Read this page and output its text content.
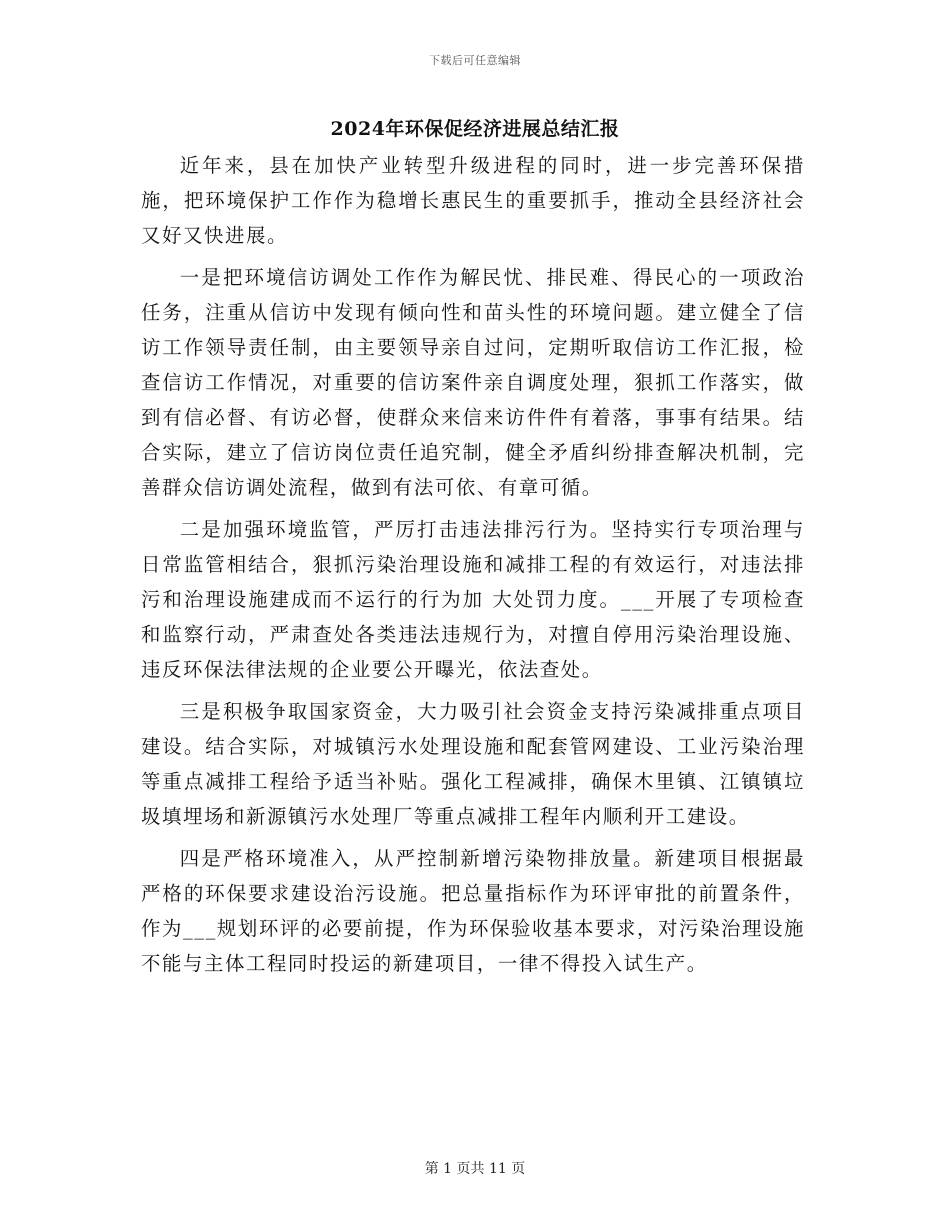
下载后可任意编辑
2024年环保促经济进展总结汇报

近年来，县在加快产业转型升级进程的同时，进一步完善环保措施，把环境保护工作作为稳增长惠民生的重要抓手，推动全县经济社会又好又快进展。

一是把环境信访调处工作作为解民忧、排民难、得民心的一项政治任务，注重从信访中发现有倾向性和苗头性的环境问题。建立健全了信访工作领导责任制，由主要领导亲自过问，定期听取信访工作汇报，检查信访工作情况，对重要的信访案件亲自调度处理，狠抓工作落实，做到有信必督、有访必督，使群众来信来访件件有着落，事事有结果。结合实际，建立了信访岗位责任追究制，健全矛盾纠纷排查解决机制，完善群众信访调处流程，做到有法可依、有章可循。

二是加强环境监管，严厉打击违法排污行为。坚持实行专项治理与日常监管相结合，狠抓污染治理设施和减排工程的有效运行，对违法排污和治理设施建成而不运行的行为加 大处罚力度。___开展了专项检查和监察行动，严肃查处各类违法违规行为，对擅自停用污染治理设施、违反环保法律法规的企业要公开曝光，依法查处。

三是积极争取国家资金，大力吸引社会资金支持污染减排重点项目建设。结合实际，对城镇污水处理设施和配套管网建设、工业污染治理等重点减排工程给予适当补贴。强化工程减排，确保木里镇、江镇镇垃圾填埋场和新源镇污水处理厂等重点减排工程年内顺利开工建设。

四是严格环境准入，从严控制新增污染物排放量。新建项目根据最严格的环保要求建设治污设施。把总量指标作为环评审批的前置条件，作为___规划环评的必要前提，作为环保验收基本要求，对污染治理设施不能与主体工程同时投运的新建项目，一律不得投入试生产。

第 1 页共 11 页
